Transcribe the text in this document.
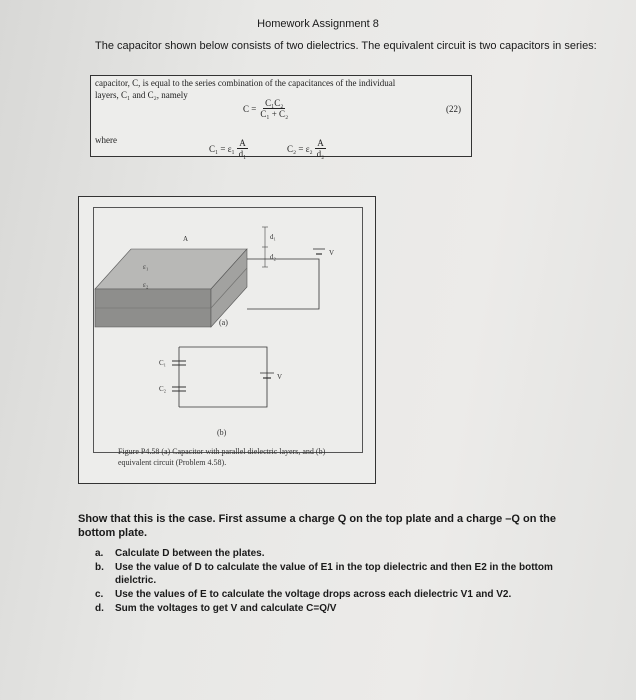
Homework Assignment 8
The capacitor shown below consists of two dielectrics. The equivalent circuit is two capacitors in series:
capacitor, C, is equal to the series combination of the capacitances of the individual
layers, C₁ and C₂, namely
$C = \frac{\text{C₁C₂}}{\text{C₁ + C₂}}$	(22)
where
$C_1 = \varepsilon_1 \frac{A}{\text{d₁}}$	$C_2 = \varepsilon_2 \frac{A}{\text{d₂}}$
A
ε₁
ε₂
d₁
d₂	V
(a)
C₁
C₂
V
(b)
Figure P4.58 (a) Capacitor with parallel dielectric layers, and (b) equivalent circuit (Problem 4.58).
Show that this is the case. First assume a charge Q on the top plate and a charge –Q on the bottom plate.
a.	Calculate D between the plates.
b.	Use the value of D to calculate the value of E1 in the top dielectric and then E2 in the bottom dielctric.
c.	Use the values of E to calculate the voltage drops across each dielectric V1 and V2.
d.	Sum the voltages to get V and calculate C=Q/V
